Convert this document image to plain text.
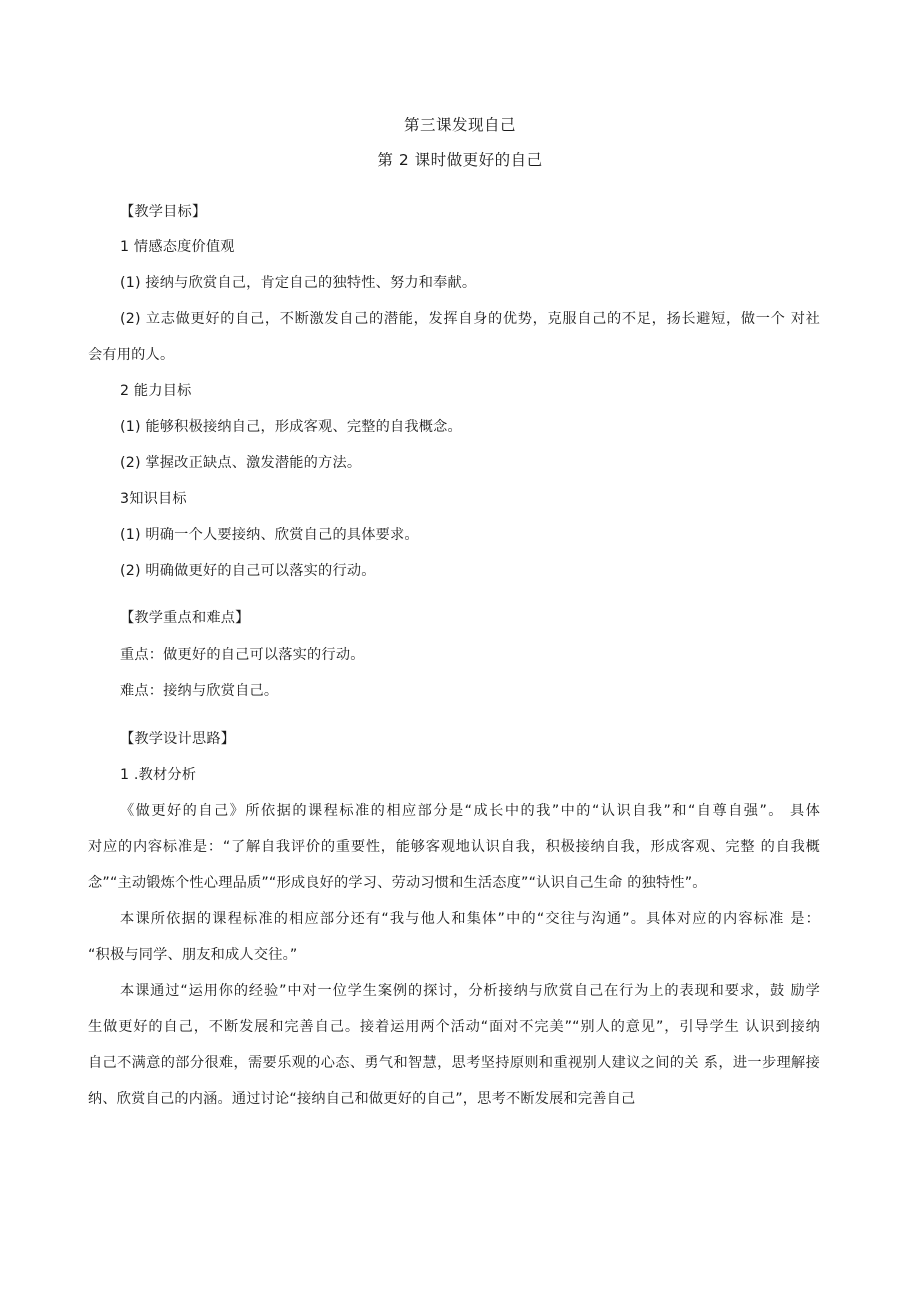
第三课发现自己
第 2 课时做更好的自己
【教学目标】
1 情感态度价值观
(1) 接纳与欣赏自己，肯定自己的独特性、努力和奉献。
(2) 立志做更好的自己，不断激发自己的潜能，发挥自身的优势，克服自己的不足，扬长避短，做一个 对社
会有用的人。
2 能力目标
(1) 能够积极接纳自己，形成客观、完整的自我概念。
(2) 掌握改正缺点、激发潜能的方法。
3知识目标
(1) 明确一个人要接纳、欣赏自己的具体要求。
(2) 明确做更好的自己可以落实的行动。
【教学重点和难点】
重点：做更好的自己可以落实的行动。
难点：接纳与欣赏自己。
【教学设计思路】
1 .教材分析
《做更好的自己》所依据的课程标准的相应部分是“成长中的我”中的“认识自我”和“自尊自强”。 具体
对应的内容标准是：“了解自我评价的重要性，能够客观地认识自我，积极接纳自我，形成客观、完整 的自我概
念”“主动锻炼个性心理品质”“形成良好的学习、劳动习惯和生活态度”“认识自己生命 的独特性”。
本课所依据的课程标准的相应部分还有“我与他人和集体”中的“交往与沟通”。具体对应的内容标准 是：
“积极与同学、朋友和成人交往。”
本课通过“运用你的经验”中对一位学生案例的探讨，分析接纳与欣赏自己在行为上的表现和要求，鼓 励学
生做更好的自己，不断发展和完善自己。接着运用两个活动“面对不完美”“别人的意见”，引导学生 认识到接纳
自己不满意的部分很难，需要乐观的心态、勇气和智慧，思考坚持原则和重视别人建议之间的关 系，进一步理解接
纳、欣赏自己的内涵。通过讨论“接纳自己和做更好的自己”，思考不断发展和完善自己
